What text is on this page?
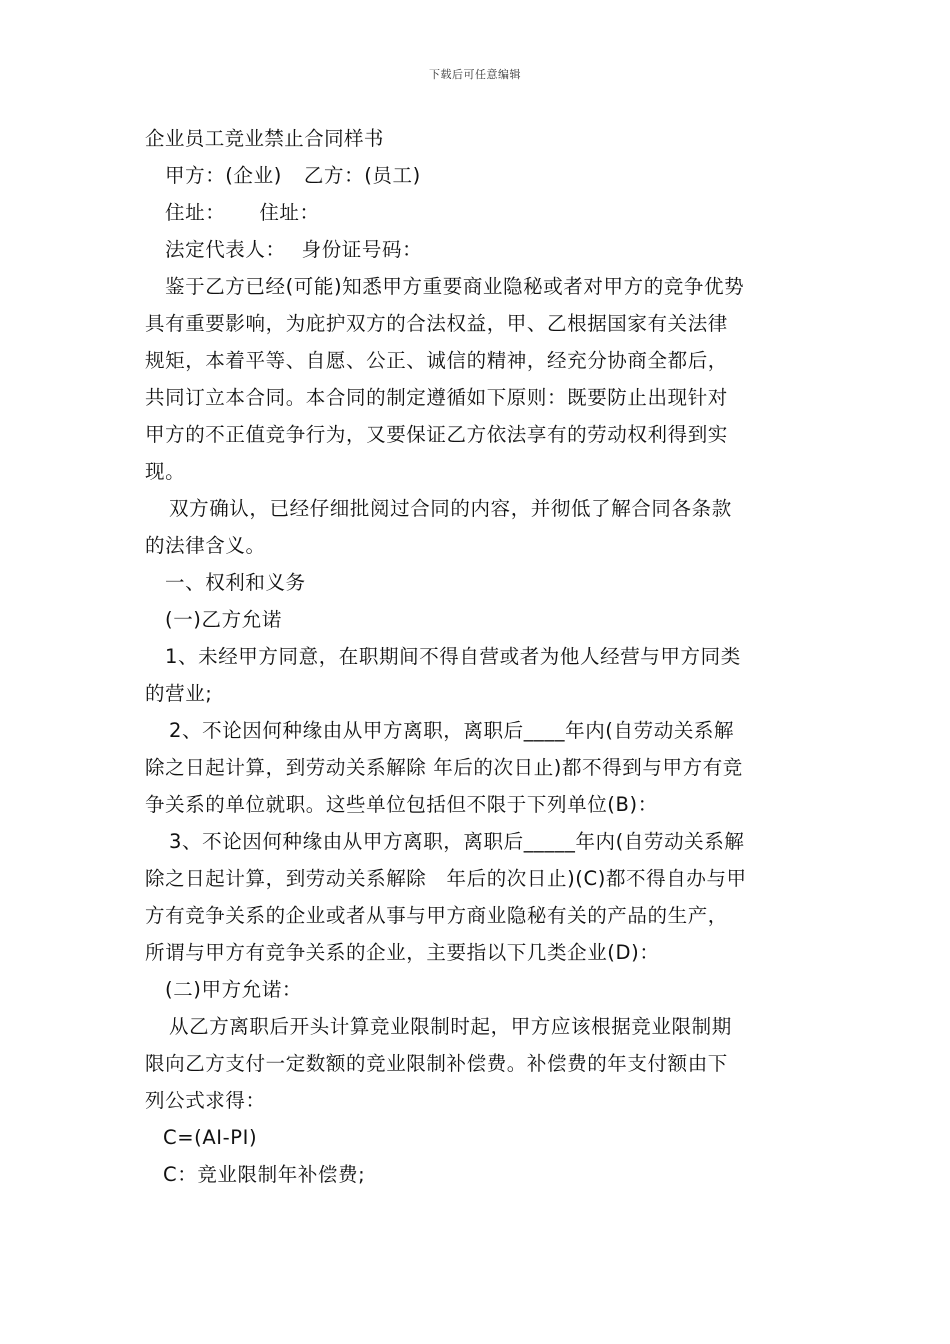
下载后可任意编辑
企业员工竞业禁止合同样书
甲方：(企业) 乙方：(员工)
住址： 住址：
法定代表人： 身份证号码：
鉴于乙方已经(可能)知悉甲方重要商业隐秘或者对甲方的竞争优势
具有重要影响，为庇护双方的合法权益，甲、乙根据国家有关法律
规矩，本着平等、自愿、公正、诚信的精神，经充分协商全都后，
共同订立本合同。本合同的制定遵循如下原则：既要防止出现针对
甲方的不正值竞争行为，又要保证乙方依法享有的劳动权利得到实
现。
双方确认，已经仔细批阅过合同的内容，并彻低了解合同各条款
的法律含义。
一、权利和义务
(一)乙方允诺
1、未经甲方同意，在职期间不得自营或者为他人经营与甲方同类
的营业;
2、不论因何种缘由从甲方离职，离职后____年内(自劳动关系解
除之日起计算，到劳动关系解除 年后的次日止)都不得到与甲方有竞
争关系的单位就职。这些单位包括但不限于下列单位(B)：
3、不论因何种缘由从甲方离职，离职后_____年内(自劳动关系解
除之日起计算，到劳动关系解除　年后的次日止)(C)都不得自办与甲
方有竞争关系的企业或者从事与甲方商业隐秘有关的产品的生产，
所谓与甲方有竞争关系的企业，主要指以下几类企业(D)：
(二)甲方允诺：
从乙方离职后开头计算竞业限制时起，甲方应该根据竞业限制期
限向乙方支付一定数额的竞业限制补偿费。补偿费的年支付额由下
列公式求得：
C=(AI-PI)
C：竞业限制年补偿费;
